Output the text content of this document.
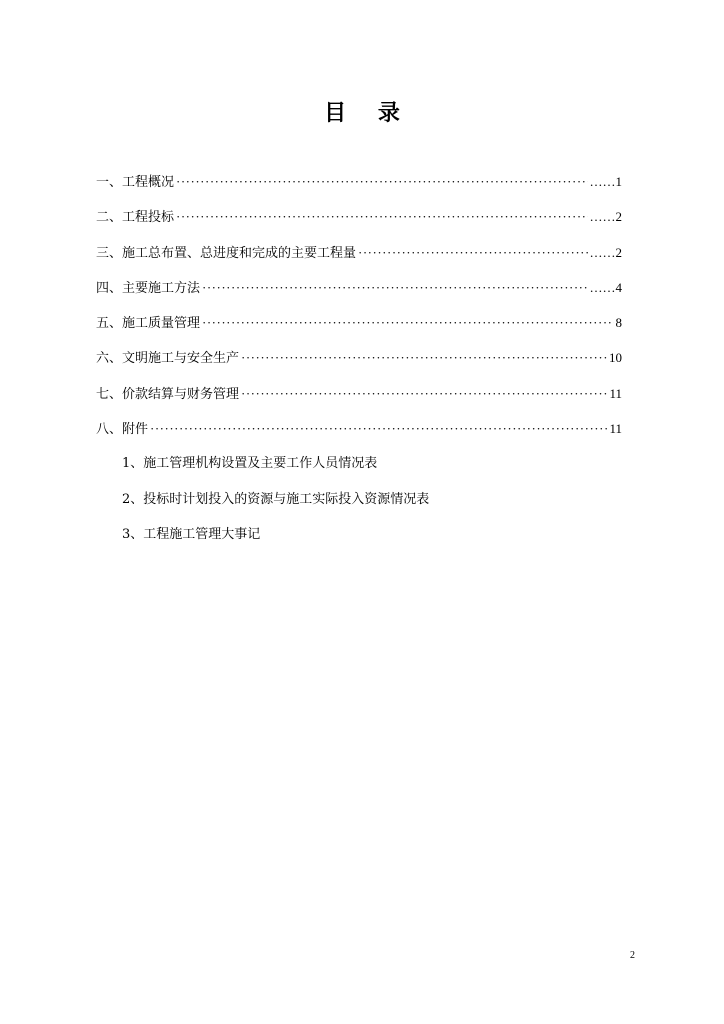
目 录
一、工程概况 ·····	……1
二、工程投标 ·····	……2
三、施工总布置、总进度和完成的主要工程量 ·····	……2
四、主要施工方法 ·····	……4
五、施工质量管理 ·····	8
六、文明施工与安全生产 ·····	10
七、价款结算与财务管理 ·····	11
八、附件 ·····	11
1、施工管理机构设置及主要工作人员情况表
2、投标时计划投入的资源与施工实际投入资源情况表
3、工程施工管理大事记
2
